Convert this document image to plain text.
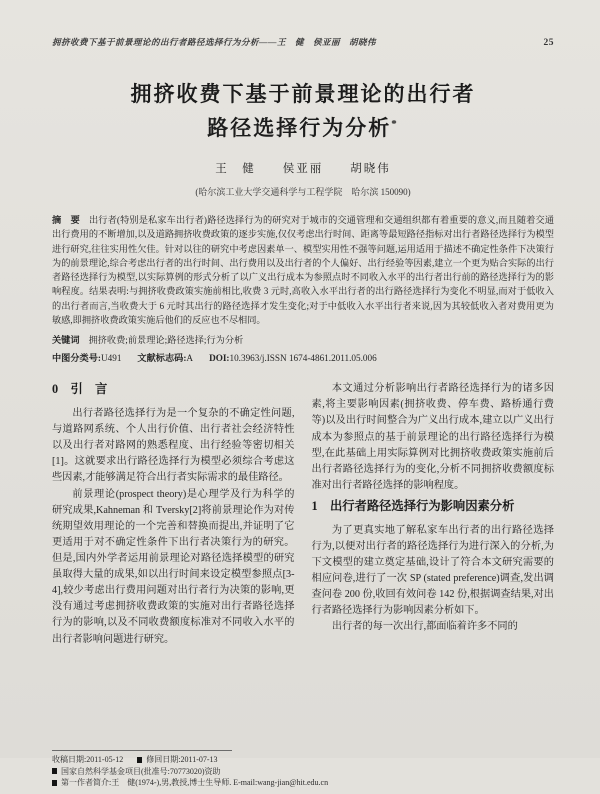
拥挤收费下基于前景理论的出行者路径选择行为分析——王　健　侯亚丽　胡晓伟	25
拥挤收费下基于前景理论的出行者
路径选择行为分析*
王　健　　侯亚丽　　胡晓伟
(哈尔滨工业大学交通科学与工程学院　哈尔滨 150090)
摘　要 出行者(特别是私家车出行者)路径选择行为的研究对于城市的交通管理和交通组织都有着重要的意义,而且随着交通出行费用的不断增加,以及道路拥挤收费政策的逐步实施,仅仅考虑出行时间、距离等最短路径指标对出行者路径选择行为模型进行研究,往往实用性欠佳。针对以往的研究中考虑因素单一、模型实用性不强等问题,运用适用于描述不确定性条件下决策行为的前景理论,综合考虑出行者的出行时间、出行费用以及出行者的个人偏好、出行经验等因素,建立一个更为贴合实际的出行者路径选择行为模型,以实际算例的形式分析了以广义出行成本为参照点时不同收入水平的出行者出行前的路径选择行为的影响程度。结果表明:与拥挤收费政策实施前相比,收费 3 元时,高收入水平出行者的出行路径选择行为变化不明显,而对于低收入的出行者而言,当收费大于 6 元时其出行的路径选择才发生变化;对于中低收入水平出行者来说,因为其较低收入者对费用更为敏感,即拥挤收费政策实施后他们的反应也不尽相同。
关键词 拥挤收费;前景理论;路径选择;行为分析
中图分类号:U491 文献标志码:A DOI:10.3963/j.ISSN 1674-4861.2011.05.006
0　引　言

出行者路径选择行为是一个复杂的不确定性问题,与道路网系统、个人出行价值、出行者社会经济特性以及出行者对路网的熟悉程度、出行经验等密切相关[1]。这就要求出行路径选择行为模型必须综合考虑这些因素,才能够满足符合出行者实际需求的最佳路径。

前景理论(prospect theory)是心理学及行为科学的研究成果,Kahneman 和 Tversky[2]将前景理论作为对传统期望效用理论的一个完善和替换而提出,并证明了它更适用于对不确定性条件下出行者决策行为的研究。但是,国内外学者运用前景理论对路径选择模型的研究虽取得大量的成果,如以出行时间来设定模型参照点[3-4],较少考虑出行费用问题对出行者行为决策的影响,更没有通过考虑拥挤收费政策的实施对出行者路径选择行为的影响,以及不同收费额度标准对不同收入水平的出行者影响问题进行研究。

本文通过分析影响出行者路径选择行为的诸多因素,将主要影响因素(拥挤收费、停车费、路桥通行费等)以及出行时间整合为广义出行成本,建立以广义出行成本为参照点的基于前景理论的出行路径选择行为模型,在此基础上用实际算例对比拥挤收费政策实施前后出行者路径选择行为的变化,分析不同拥挤收费额度标准对出行者路径选择的影响程度。

1　出行者路径选择行为影响因素分析

为了更真实地了解私家车出行者的出行路径选择行为,以便对出行者的路径选择行为进行深入的分析,为下文模型的建立奠定基础,设计了符合本文研究需要的相应问卷,进行了一次 SP (stated preference)调查,发出调查问卷 200 份,收回有效问卷 142 份,根据调查结果,对出行者路径选择行为影响因素分析如下。

出行者的每一次出行,都面临着许多不同的

收稿日期:2011-05-12	修回日期:2011-07-13
国家自然科学基金项目(批准号:70773020)资助
第一作者简介:王　健(1974-),男,教授,博士生导师. E-mail:wang-jian@hit.edu.cn
